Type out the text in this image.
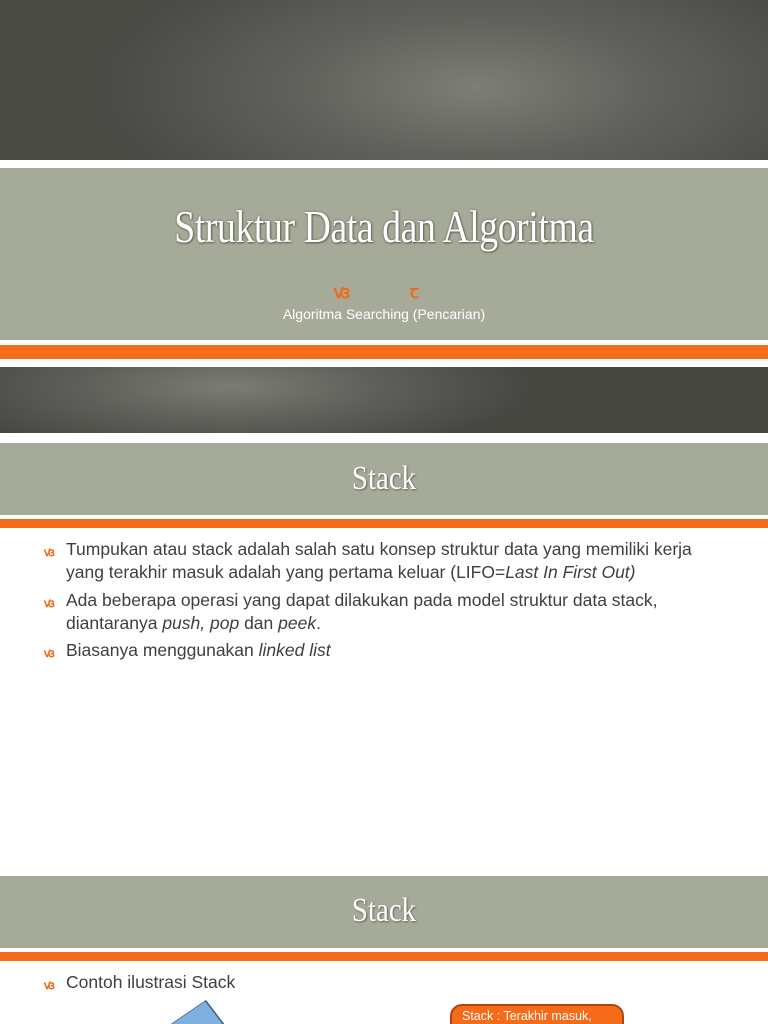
Struktur Data dan Algoritma
ꟃ	ꞇ
Algoritma Searching (Pencarian)
Stack
ꟃ Tumpukan atau stack adalah salah satu konsep struktur data yang memiliki kerja yang terakhir masuk adalah yang pertama keluar (LIFO=Last In First Out)
ꟃ Ada beberapa operasi yang dapat dilakukan pada model struktur data stack, diantaranya push, pop dan peek.
ꟃ Biasanya menggunakan linked list
Stack
ꟃ Contoh ilustrasi Stack
Stack : Terakhir masuk,
